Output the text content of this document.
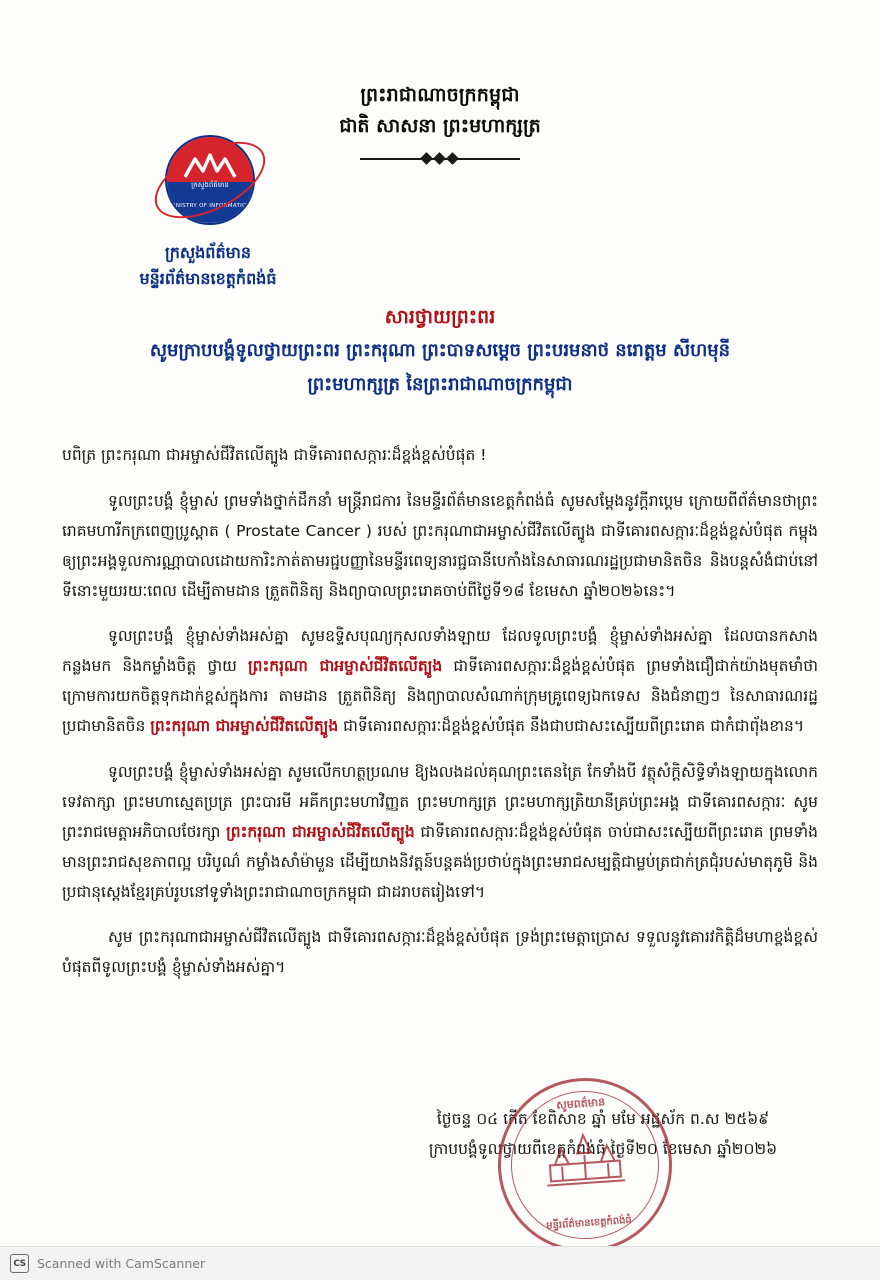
ព្រះរាជាណាចក្រកម្ពុជា
ជាតិ សាសនា ព្រះមហាក្សត្រ
ក្រសួងព័ត៌មាន
MINISTRY OF INFORMATION
ក្រសួងព័ត៌មាន
មន្ទីរព័ត៌មានខេត្តកំពង់ធំ
សារថ្វាយព្រះពរ
សូមក្រាបបង្គំទូលថ្វាយព្រះពរ ព្រះករុណា ព្រះបាទសម្តេច ព្រះបរមនាថ នរោត្តម សីហមុនី
ព្រះមហាក្សត្រ នៃព្រះរាជាណាចក្រកម្ពុជា
បពិត្រ ព្រះករុណា ជាអម្ចាស់ជីវិតលើត្បូង ជាទីគោរពសក្ការៈដ៏ខ្ពង់ខ្ពស់បំផុត !

ទូលព្រះបង្គំ ខ្ញុំម្ចាស់ ព្រមទាំងថ្នាក់ដឹកនាំ មន្ត្រីរាជការ នៃមន្ទីរព័ត៌មានខេត្តកំពង់ធំ សូមសម្តែងនូវក្តីរាប្តេម ក្រោយពីព័ត៌មានថាព្រះរោគមហារីកក្រពេញប្រូស្តាត ( Prostate Cancer ) របស់ ព្រះករុណាជាអម្ចាស់ជីវិតលើត្បូង ជាទីគោរពសក្ការៈដ៏ខ្ពង់ខ្ពស់បំផុត កម្ពុងឲ្យព្រះអង្គទួលការណ្ណាបាលដោយការិះកាត់តាមរជ្ជបញ្ញានៃមន្ទីរពេទ្យនារជ្ជធានីបេកាំងនៃសាធារណរដ្ឋប្រជាមានិតចិន និងបន្តសំងំជាប់នៅទីនោះមួយរយៈពេល ដើម្បីតាមដាន ត្រួតពិនិត្យ និងព្យាបាលព្រះរោគចាប់ពីថ្ងៃទី១៨ ខែមេសា ឆ្នាំ២០២៦នេះ។

ទូលព្រះបង្គំ ខ្ញុំម្ចាស់ទាំងអស់គ្នា សូមឧទ្ទិសបុណ្យកុសលទាំងឡាយ ដែលទូលព្រះបង្គំ ខ្ញុំម្ចាស់ទាំងអស់គ្នា ដែលបានកសាងកន្លងមក និងកម្លាំងចិត្ត ថ្វាយ ព្រះករុណា ជាអម្ចាស់ជីវិតលើត្បូង ជាទីគោរពសក្ការៈដ៏ខ្ពង់ខ្ពស់បំផុត ព្រមទាំងជឿជាក់យ៉ាងមុតមាំថា ក្រោមការយកចិត្តទុកដាក់ខ្ពស់ក្នុងការ តាមដាន ត្រួតពិនិត្យ និងព្យាបាលសំណាក់ក្រុមគ្រូពេទ្យឯកទេស និងជំនាញៗ នៃសាធារណរដ្ឋប្រជាមានិតចិន ព្រះករុណា ជាអម្ចាស់ជីវិតលើត្បូង ជាទីគោរពសក្ការៈដ៏ខ្ពង់ខ្ពស់បំផុត នឹងជាបជាសះស្បើយពីព្រះរោគ ជាកំជាព័ុងខាន។

ទូលព្រះបង្គំ ខ្ញុំម្ចាស់ទាំងអស់គ្នា សូមលើកហត្ថប្រណម ឱ្យងលងដល់គុណព្រះតេនត្រៃ កែទាំងបី វត្ថុសំក្តិសិទ្ធិទាំងឡាយក្នុងលោក ទេវតាក្សា ព្រះមហាស្មេតប្រត្រ ព្រះបារមី អគីកព្រះមហាវិញ្ញត ព្រះមហាក្សត្រ ព្រះមហាក្សត្រិយានីគ្រប់ព្រះអង្គ ជាទីគោរពសក្ការៈ សូមព្រះរាជមេត្តាអភិបាលថែរក្សា ព្រះករុណា ជាអម្ចាស់ជីវិតលើត្បូង ជាទីគោរពសក្ការៈដ៏ខ្ពង់ខ្ពស់បំផុត ចាប់ជាសះស្បើយពីព្រះរោគ ព្រមទាំងមានព្រះរាជសុខភាពល្អ បរិបូណ៌ កម្លាំងសាំម៉ាមួន ដើម្បីយាងនិវត្តន៍បន្តគង់ប្រថាប់ក្នុងព្រះមរាជសម្បត្តិជាម្លប់ត្រជាក់ត្រជុំរបស់មាតុភូមិ និងប្រជានុស្តេងខ្មែរគ្រប់រូបនៅទូទាំងព្រះរាជាណាចក្រកម្ពុជា ជាដរាបតរៀងទៅ។

សូម ព្រះករុណាជាអម្ចាស់ជីវិតលើត្បូង ជាទីគោរពសក្ការៈដ៏ខ្ពង់ខ្ពស់បំផុត ទ្រង់ព្រះមេត្តាប្រោស ទទួលនូវគោរវកិត្តិដ៏មហាខ្ពង់ខ្ពស់បំផុតពីទូលព្រះបង្គំ ខ្ញុំម្ចាស់ទាំងអស់គ្នា។

ថ្ងៃចន្ទ ០៤ កើត ខែពិសាខ ឆ្នាំ មមែ អដ្ឋស័ក ព.ស ២៥៦៩
ក្រាបបង្គំទូលថ្វាយពីខេត្តកំពង់ធំ ថ្ងៃទី២០ ខែមេសា ឆ្នាំ២០២៦
សូមពត៌មាន
មន្ទីរព័ត៌មានខេត្តកំពង់ធំ
CS Scanned with CamScanner
